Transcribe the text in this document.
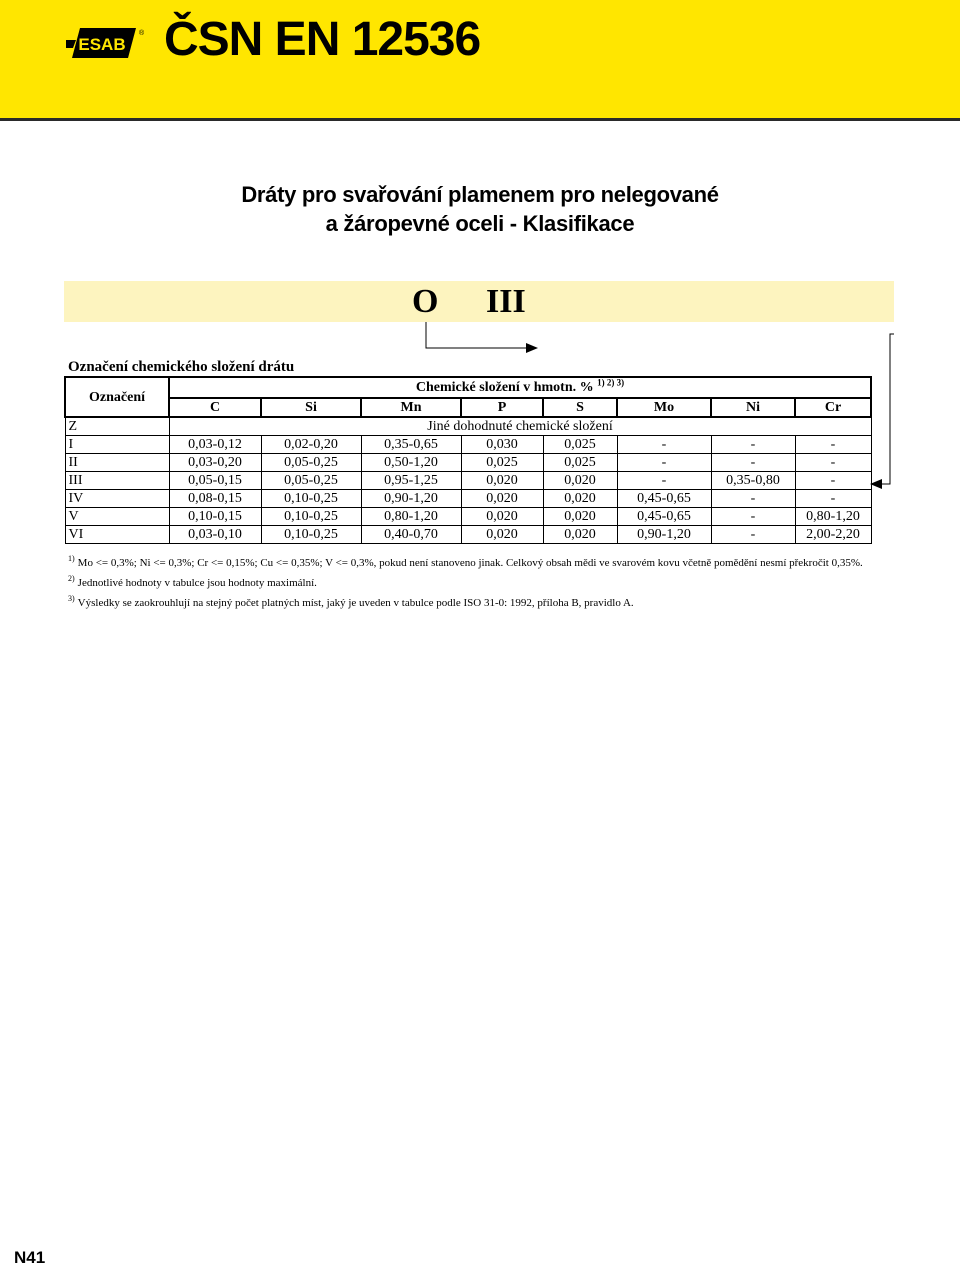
ESAB
® ČSN EN 12536
Dráty pro svařování plamenem pro nelegované
a žáropevné oceli - Klasifikace
O III
Označení chemického složení drátu
Označení	Chemické složení v hmotn. % $^{1) 2) 3)}$
	C	Si	Mn	P	S	Mo	Ni	Cr
Z	Jiné dohodnuté chemické složení							
I	0,03-0,12	0,02-0,20	0,35-0,65	0,030	0,025	-	-	-
II	0,03-0,20	0,05-0,25	0,50-1,20	0,025	0,025	-	-	-
III	0,05-0,15	0,05-0,25	0,95-1,25	0,020	0,020	-	0,35-0,80	-
IV	0,08-0,15	0,10-0,25	0,90-1,20	0,020	0,020	0,45-0,65	-	-
V	0,10-0,15	0,10-0,25	0,80-1,20	0,020	0,020	0,45-0,65	-	0,80-1,20
VI	0,03-0,10	0,10-0,25	0,40-0,70	0,020	0,020	0,90-1,20	-	2,00-2,20
$^{1)}$ Mo <= 0,3%; Ni <= 0,3%; Cr <= 0,15%; Cu <= 0,35%; V <= 0,3%, pokud není stanoveno jinak. Celkový obsah mědi ve svarovém kovu včetně pomědění nesmí překročit 0,35%.
$^{2)}$ Jednotlivé hodnoty v tabulce jsou hodnoty maximální.
$^{3)}$ Výsledky se zaokrouhlují na stejný počet platných míst, jaký je uveden v tabulce podle ISO 31-0: 1992, příloha B, pravidlo A.
N41
